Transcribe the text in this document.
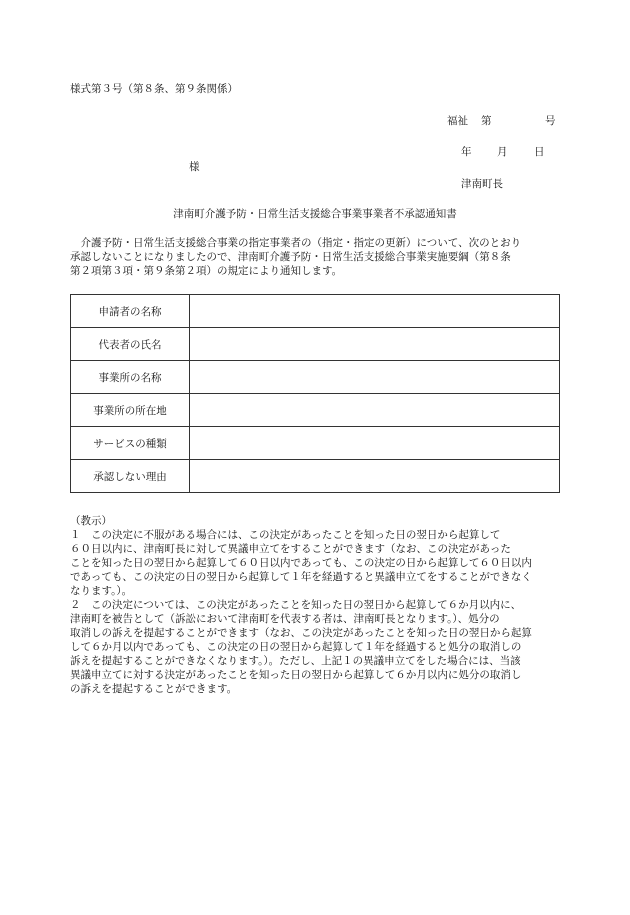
様式第３号（第８条、第９条関係）
福祉 第	号
年 月	日
様
津南町長
津南町介護予防・日常生活支援総合事業事業者不承認通知書

介護予防・日常生活支援総合事業の指定事業者の（指定・指定の更新）について、次のとおり

承認しないことになりましたので、津南町介護予防・日常生活支援総合事業実施要綱（第８条

第２項第３項・第９条第２項）の規定により通知します。

申請者の名称	
代表者の氏名	
事業所の名称	
事業所の所在地	
サービスの種類	
承認しない理由	

（教示）

１　この決定に不服がある場合には、この決定があったことを知った日の翌日から起算して

６０日以内に、津南町長に対して異議申立てをすることができます（なお、この決定があった

ことを知った日の翌日から起算して６０日以内であっても、この決定の日から起算して６０日以内

であっても、この決定の日の翌日から起算して１年を経過すると異議申立てをすることができなく

なります。）。

２　この決定については、この決定があったことを知った日の翌日から起算して６か月以内に、

津南町を被告として（訴訟において津南町を代表する者は、津南町長となります。）、処分の

取消しの訴えを提起することができます（なお、この決定があったことを知った日の翌日から起算

して６か月以内であっても、この決定の日の翌日から起算して１年を経過すると処分の取消しの

訴えを提起することができなくなります。）。ただし、上記１の異議申立てをした場合には、当該

異議申立てに対する決定があったことを知った日の翌日から起算して６か月以内に処分の取消し

の訴えを提起することができます。
